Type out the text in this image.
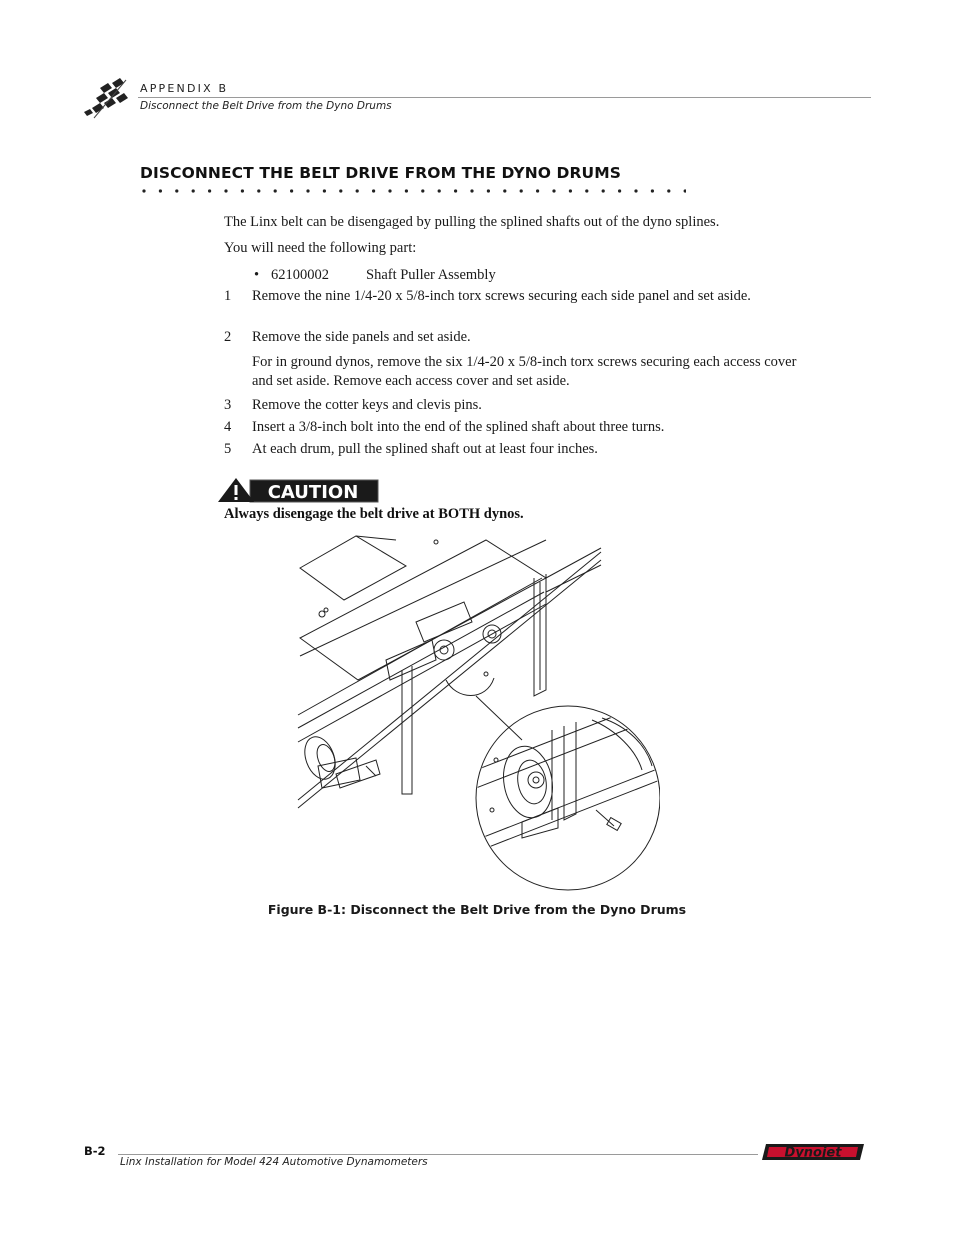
APPENDIX B
Disconnect the Belt Drive from the Dyno Drums
DISCONNECT THE BELT DRIVE FROM THE DYNO DRUMS
The Linx belt can be disengaged by pulling the splined shafts out of the dyno splines.
You will need the following part:
• 62100002	Shaft Puller Assembly
1 Remove the nine 1/4-20 x 5/8-inch torx screws securing each side panel and set aside.
2 Remove the side panels and set aside.
For in ground dynos, remove the six 1/4-20 x 5/8-inch torx screws securing each access cover and set aside. Remove each access cover and set aside.
3 Remove the cotter keys and clevis pins.
4 Insert a 3/8-inch bolt into the end of the splined shaft about three turns.
5 At each drum, pull the splined shaft out at least four inches.
CAUTION
Always disengage the belt drive at BOTH dynos.
Figure B-1: Disconnect the Belt Drive from the Dyno Drums
B-2
Linx Installation for Model 424 Automotive Dynamometers
Dynojet
